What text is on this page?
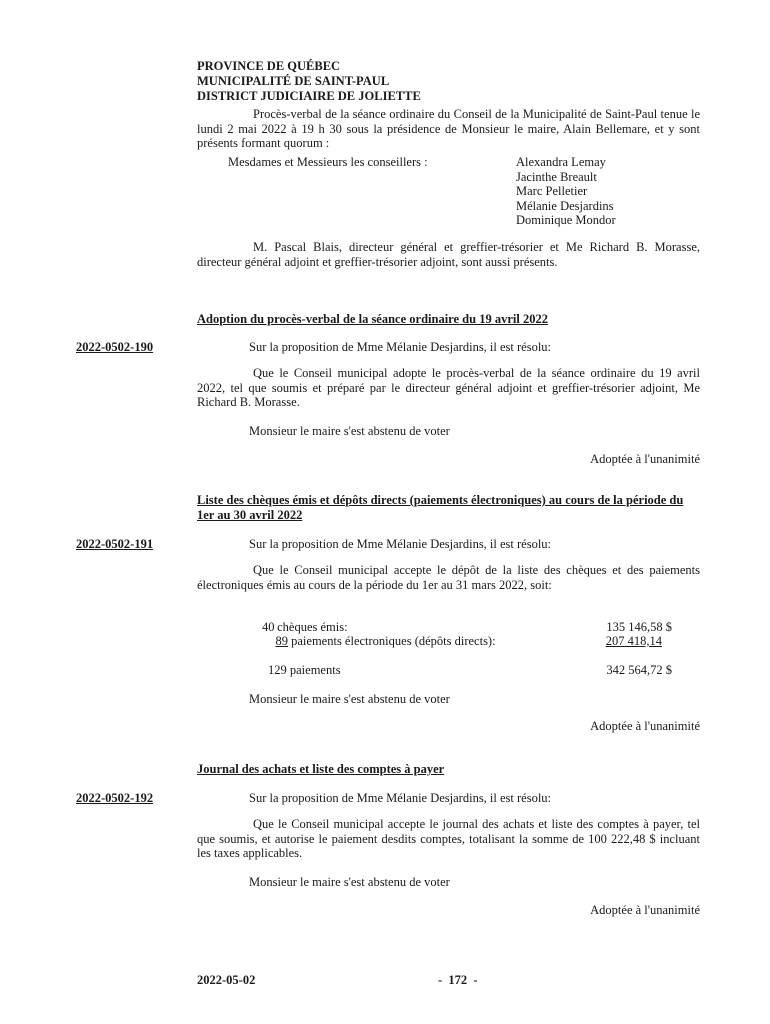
PROVINCE DE QUÉBEC
MUNICIPALITÉ DE SAINT-PAUL
DISTRICT JUDICIAIRE DE JOLIETTE
Procès-verbal de la séance ordinaire du Conseil de la Municipalité de Saint-Paul tenue le lundi 2 mai 2022 à 19 h 30 sous la présidence de Monsieur le maire, Alain Bellemare, et y sont présents formant quorum :
Mesdames et Messieurs les conseillers :	Alexandra Lemay
Jacinthe Breault
Marc Pelletier
Mélanie Desjardins
Dominique Mondor
M. Pascal Blais, directeur général et greffier-trésorier et Me Richard B. Morasse, directeur général adjoint et greffier-trésorier adjoint, sont aussi présents.
Adoption du procès-verbal de la séance ordinaire du 19 avril 2022
2022-0502-190	Sur la proposition de Mme Mélanie Desjardins, il est résolu:
Que le Conseil municipal adopte le procès-verbal de la séance ordinaire du 19 avril 2022, tel que soumis et préparé par le directeur général adjoint et greffier-trésorier adjoint, Me Richard B. Morasse.
Monsieur le maire s'est abstenu de voter
Adoptée à l'unanimité
Liste des chèques émis et dépôts directs (paiements électroniques) au cours de la période du 1er au 30 avril 2022
2022-0502-191	Sur la proposition de Mme Mélanie Desjardins, il est résolu:
Que le Conseil municipal accepte le dépôt de la liste des chèques et des paiements électroniques émis au cours de la période du 1er au 31 mars 2022, soit:
40 chèques émis:	135 146,58 $
89 paiements électroniques (dépôts directs):	207 418,14
129 paiements	342 564,72 $
Monsieur le maire s'est abstenu de voter
Adoptée à l'unanimité
Journal des achats et liste des comptes à payer
2022-0502-192	Sur la proposition de Mme Mélanie Desjardins, il est résolu:
Que le Conseil municipal accepte le journal des achats et liste des comptes à payer, tel que soumis, et autorise le paiement desdits comptes, totalisant la somme de 100 222,48 $ incluant les taxes applicables.
Monsieur le maire s'est abstenu de voter
Adoptée à l'unanimité
2022-05-02	-  172  -
